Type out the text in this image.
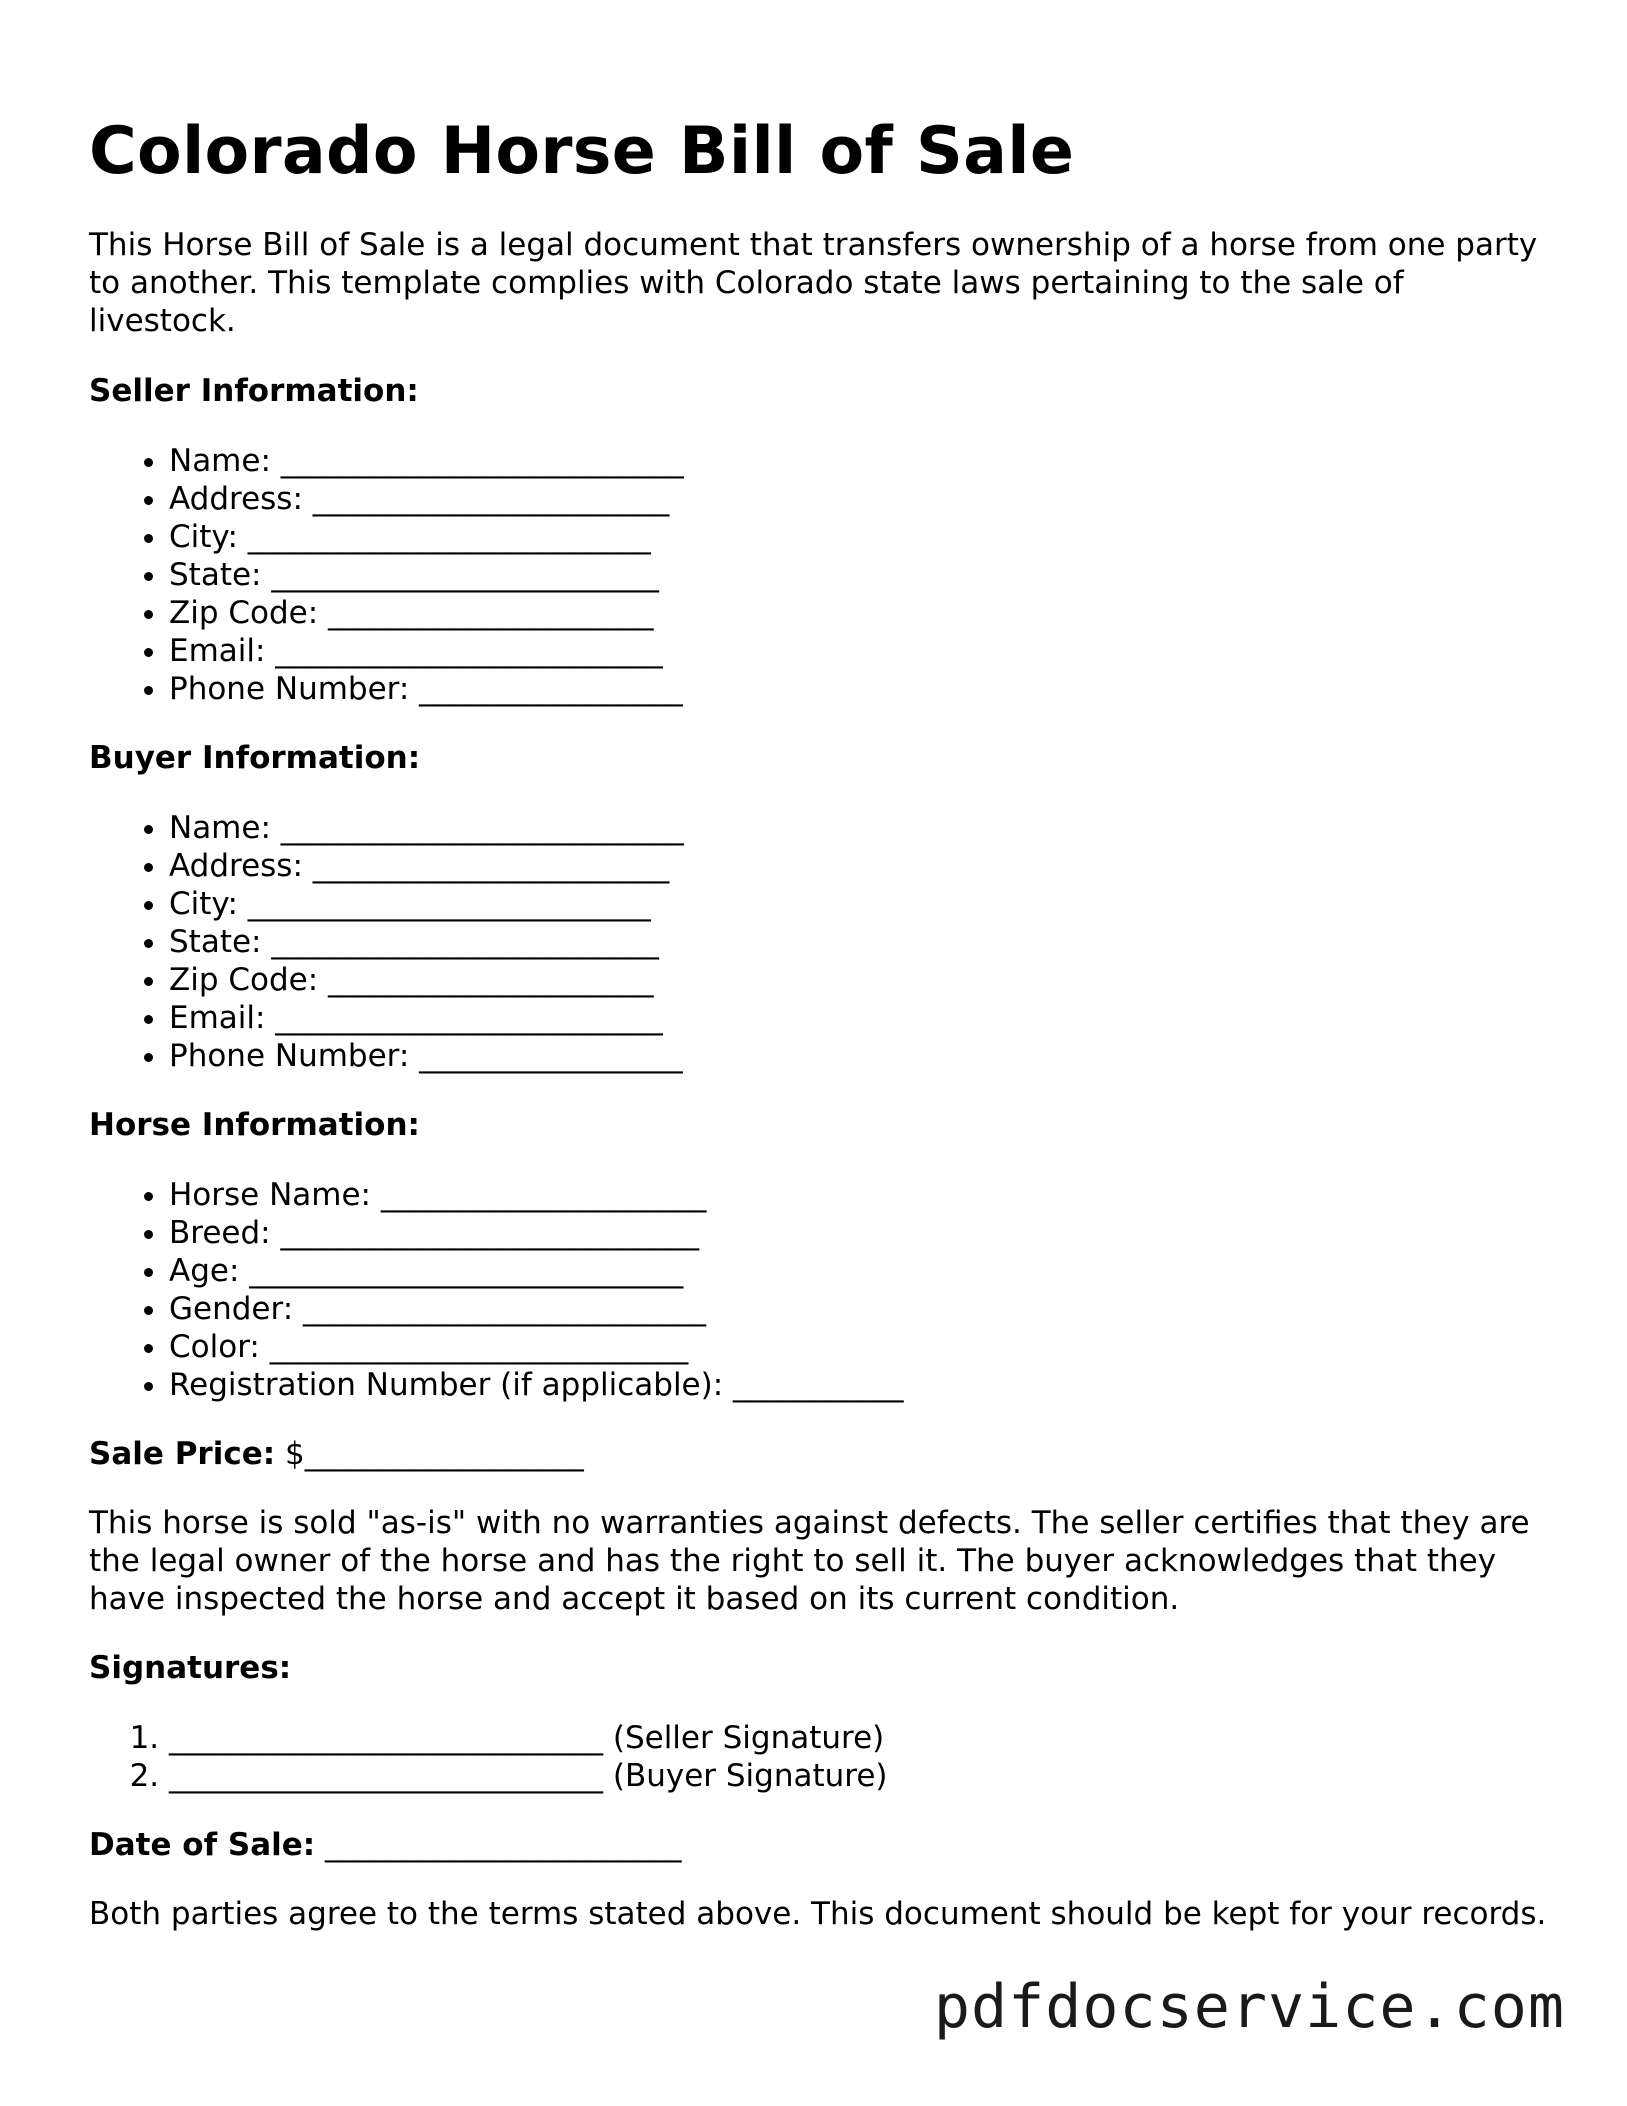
Colorado Horse Bill of Sale

This Horse Bill of Sale is a legal document that transfers ownership of a horse from one party to another. This template complies with Colorado state laws pertaining to the sale of livestock.

Seller Information:
• Name: __________________________
• Address: _______________________
• City: __________________________
• State: _________________________
• Zip Code: _____________________
• Email: _________________________
• Phone Number: _________________
Buyer Information:
• Name: __________________________
• Address: _______________________
• City: __________________________
• State: _________________________
• Zip Code: _____________________
• Email: _________________________
• Phone Number: _________________
Horse Information:
• Horse Name: _____________________
• Breed: ___________________________
• Age: ____________________________
• Gender: __________________________
• Color: ___________________________
• Registration Number (if applicable): ___________

Sale Price: $__________________

This horse is sold "as-is" with no warranties against defects. The seller certifies that they are the legal owner of the horse and has the right to sell it. The buyer acknowledges that they have inspected the horse and accept it based on its current condition.

Signatures:
1. ____________________________ (Seller Signature)
2. ____________________________ (Buyer Signature)

Date of Sale: _______________________

Both parties agree to the terms stated above. This document should be kept for your records.

pdfdocservice.com
